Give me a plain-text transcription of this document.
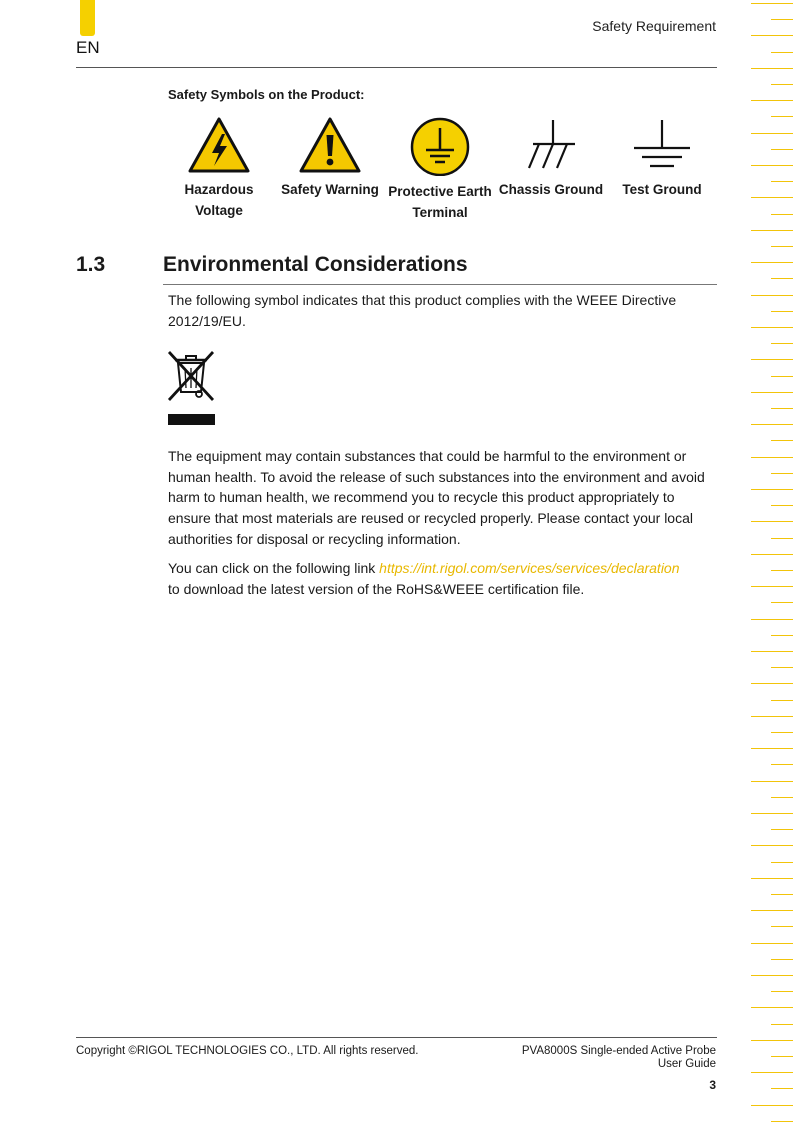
EN
Safety Requirement
Safety Symbols on the Product:
Hazardous Voltage
Safety Warning Protective Earth Terminal
Chassis Ground	Test Ground
1.3	Environmental Considerations
The following symbol indicates that this product complies with the WEEE Directive 2012/19/EU.
The equipment may contain substances that could be harmful to the environment or human health. To avoid the release of such substances into the environment and avoid harm to human health, we recommend you to recycle this product appropriately to ensure that most materials are reused or recycled properly. Please contact your local authorities for disposal or recycling information.
You can click on the following link https://int.rigol.com/services/services/declaration
to download the latest version of the RoHS&WEEE certification file.
Copyright ©RIGOL TECHNOLOGIES CO., LTD. All rights reserved.	PVA8000S Single-ended Active Probe
User Guide
3
